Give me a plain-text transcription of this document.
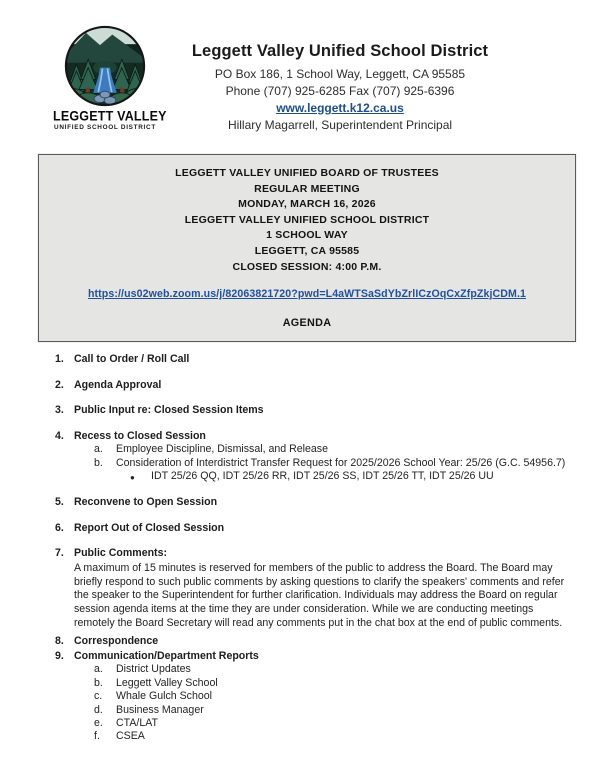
LEGGETT VALLEY
UNIFIED SCHOOL DISTRICT
Leggett Valley Unified School District
PO Box 186, 1 School Way, Leggett, CA 95585
Phone (707) 925-6285 Fax (707) 925-6396
www.leggett.k12.ca.us
Hillary Magarrell, Superintendent Principal
LEGGETT VALLEY UNIFIED BOARD OF TRUSTEES
REGULAR MEETING
MONDAY, MARCH 16, 2026
LEGGETT VALLEY UNIFIED SCHOOL DISTRICT
1 SCHOOL WAY
LEGGETT, CA 95585
CLOSED SESSION: 4:00 P.M.
https://us02web.zoom.us/j/82063821720?pwd=L4aWTSaSdYbZrlICzOqCxZfpZkjCDM.1
AGENDA
1. Call to Order / Roll Call
2. Agenda Approval
3. Public Input re: Closed Session Items
4. Recess to Closed Session
a.	Employee Discipline, Dismissal, and Release
b.	Consideration of Interdistrict Transfer Request for 2025/2026 School Year: 25/26 (G.C. 54956.7)
●	IDT 25/26 QQ, IDT 25/26 RR, IDT 25/26 SS, IDT 25/26 TT, IDT 25/26 UU
5. Reconvene to Open Session
6. Report Out of Closed Session
7. Public Comments:
A maximum of 15 minutes is reserved for members of the public to address the Board. The Board may briefly respond to such public comments by asking questions to clarify the speakers' comments and refer the speaker to the Superintendent for further clarification. Individuals may address the Board on regular session agenda items at the time they are under consideration. While we are conducting meetings remotely the Board Secretary will read any comments put in the chat box at the end of public comments.
8. Correspondence
9. Communication/Department Reports
a.	District Updates
b.	Leggett Valley School
c.	Whale Gulch School
d.	Business Manager
e.	CTA/LAT
f.	CSEA
